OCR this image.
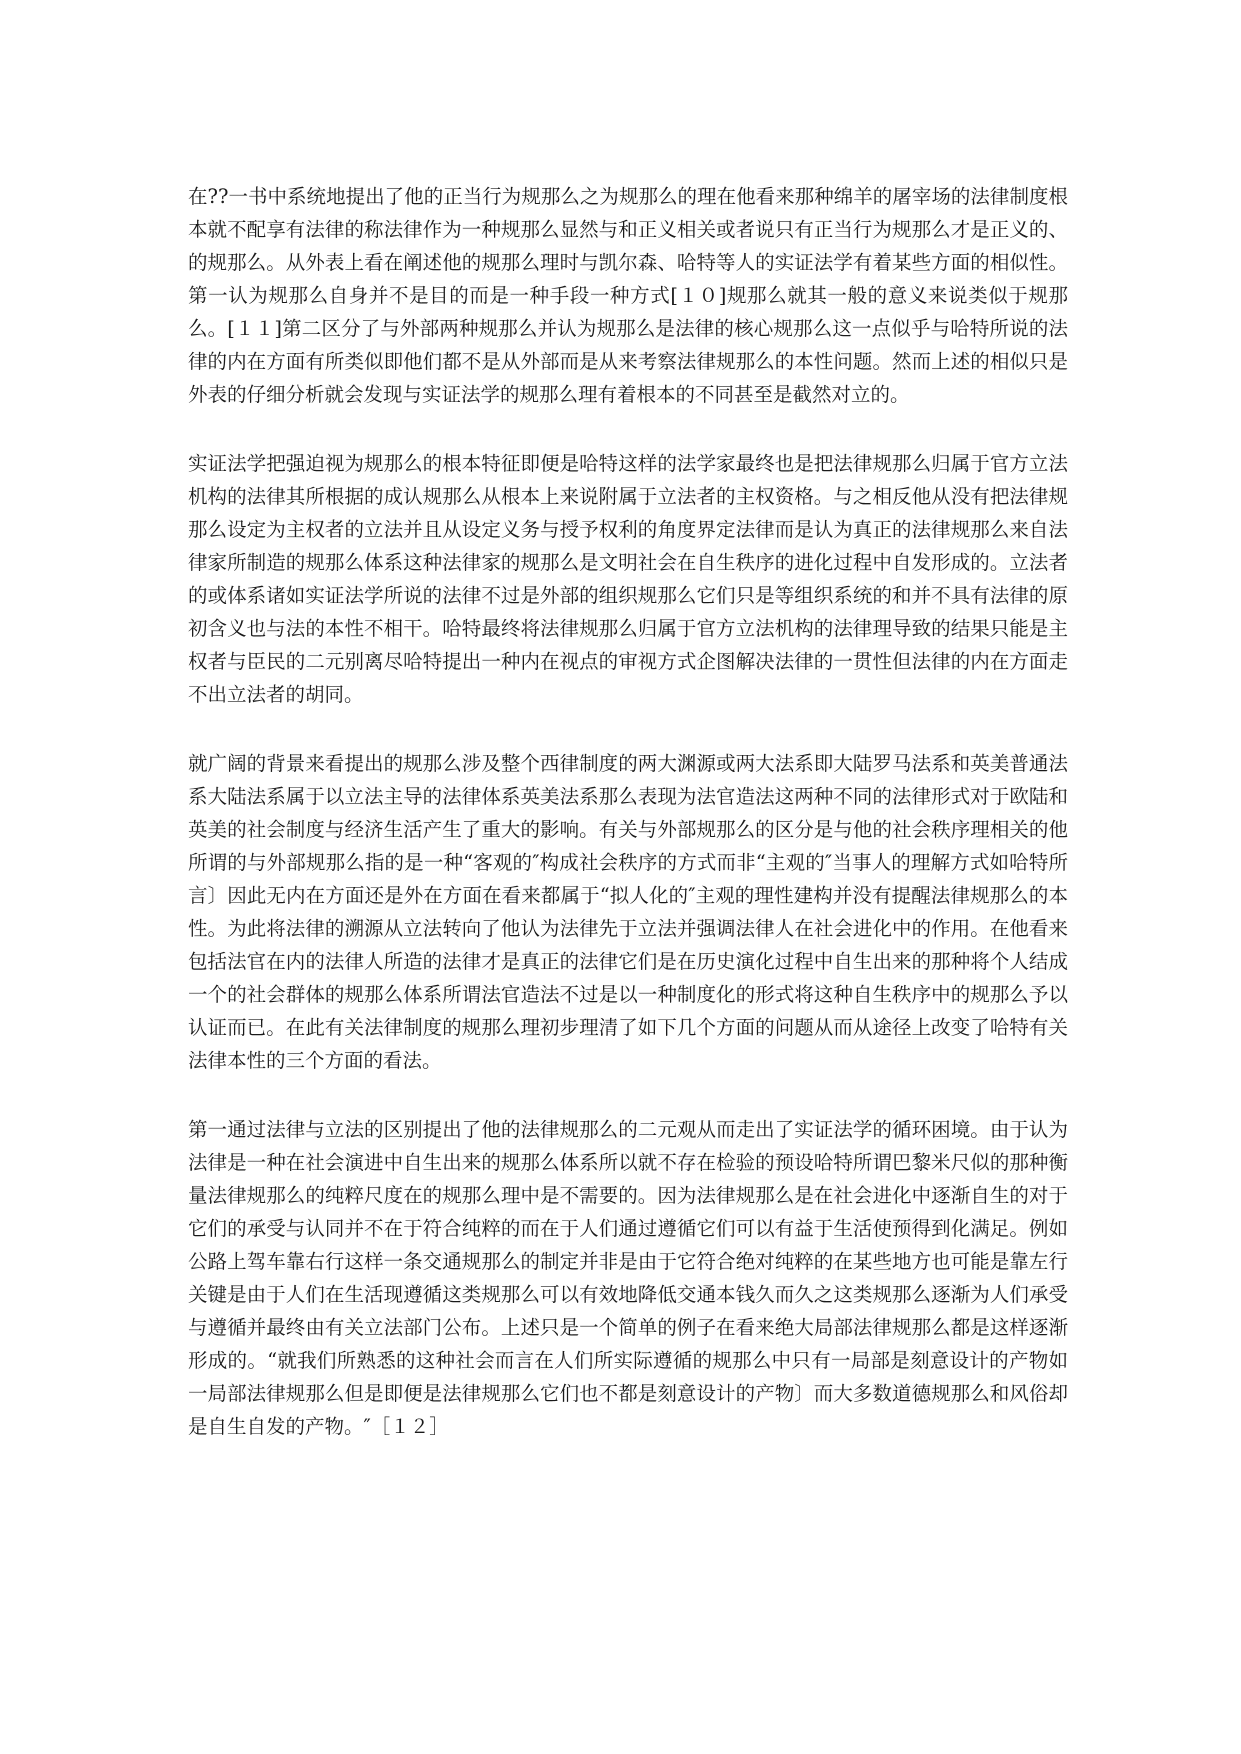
在??一书中系统地提出了他的正当行为规那么之为规那么的理在他看来那种绵羊的屠宰场的法律制度根本就不配享有法律的称法律作为一种规那么显然与和正义相关或者说只有正当行为规那么才是正义的、的规那么。从外表上看在阐述他的规那么理时与凯尔森、哈特等人的实证法学有着某些方面的相似性。第一认为规那么自身并不是目的而是一种手段一种方式[１０]规那么就其一般的意义来说类似于规那么。[１１]第二区分了与外部两种规那么并认为规那么是法律的核心规那么这一点似乎与哈特所说的法律的内在方面有所类似即他们都不是从外部而是从来考察法律规那么的本性问题。然而上述的相似只是外表的仔细分析就会发现与实证法学的规那么理有着根本的不同甚至是截然对立的。

实证法学把强迫视为规那么的根本特征即便是哈特这样的法学家最终也是把法律规那么归属于官方立法机构的法律其所根据的成认规那么从根本上来说附属于立法者的主权资格。与之相反他从没有把法律规那么设定为主权者的立法并且从设定义务与授予权利的角度界定法律而是认为真正的法律规那么来自法律家所制造的规那么体系这种法律家的规那么是文明社会在自生秩序的进化过程中自发形成的。立法者的或体系诸如实证法学所说的法律不过是外部的组织规那么它们只是等组织系统的和并不具有法律的原初含义也与法的本性不相干。哈特最终将法律规那么归属于官方立法机构的法律理导致的结果只能是主权者与臣民的二元别离尽哈特提出一种内在视点的审视方式企图解决法律的一贯性但法律的内在方面走不出立法者的胡同。

就广阔的背景来看提出的规那么涉及整个西律制度的两大渊源或两大法系即大陆罗马法系和英美普通法系大陆法系属于以立法主导的法律体系英美法系那么表现为法官造法这两种不同的法律形式对于欧陆和英美的社会制度与经济生活产生了重大的影响。有关与外部规那么的区分是与他的社会秩序理相关的他所谓的与外部规那么指的是一种“客观的″构成社会秩序的方式而非“主观的″当事人的理解方式如哈特所言〕因此无内在方面还是外在方面在看来都属于“拟人化的″主观的理性建构并没有提醒法律规那么的本性。为此将法律的溯源从立法转向了他认为法律先于立法并强调法律人在社会进化中的作用。在他看来包括法官在内的法律人所造的法律才是真正的法律它们是在历史演化过程中自生出来的那种将个人结成一个的社会群体的规那么体系所谓法官造法不过是以一种制度化的形式将这种自生秩序中的规那么予以认证而已。在此有关法律制度的规那么理初步理清了如下几个方面的问题从而从途径上改变了哈特有关法律本性的三个方面的看法。

第一通过法律与立法的区别提出了他的法律规那么的二元观从而走出了实证法学的循环困境。由于认为法律是一种在社会演进中自生出来的规那么体系所以就不存在检验的预设哈特所谓巴黎米尺似的那种衡量法律规那么的纯粹尺度在的规那么理中是不需要的。因为法律规那么是在社会进化中逐渐自生的对于它们的承受与认同并不在于符合纯粹的而在于人们通过遵循它们可以有益于生活使预得到化满足。例如公路上驾车靠右行这样一条交通规那么的制定并非是由于它符合绝对纯粹的在某些地方也可能是靠左行关键是由于人们在生活现遵循这类规那么可以有效地降低交通本钱久而久之这类规那么逐渐为人们承受与遵循并最终由有关立法部门公布。上述只是一个简单的例子在看来绝大局部法律规那么都是这样逐渐形成的。“就我们所熟悉的这种社会而言在人们所实际遵循的规那么中只有一局部是刻意设计的产物如一局部法律规那么但是即便是法律规那么它们也不都是刻意设计的产物〕而大多数道德规那么和风俗却是自生自发的产物。″［１２］
